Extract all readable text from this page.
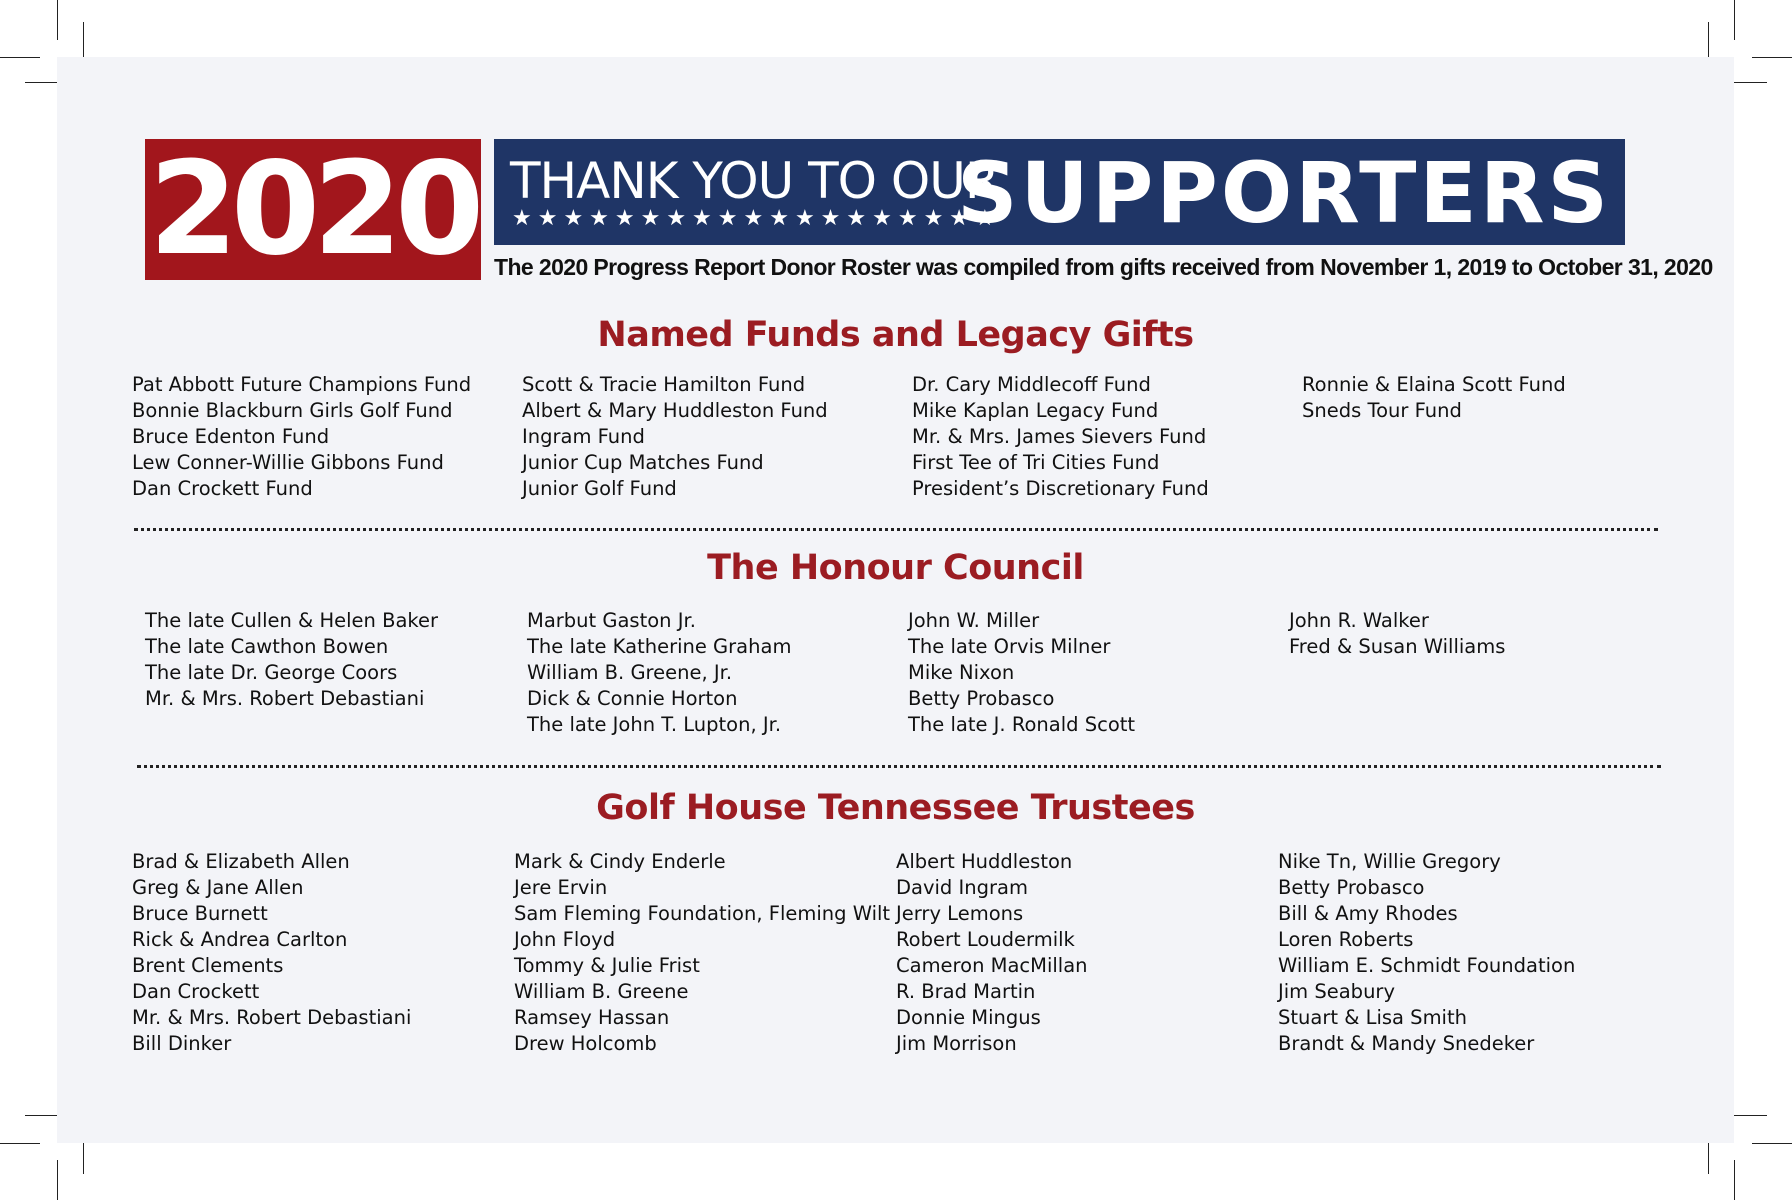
2020 THANK YOU TO OUR
★★★★★★★★★★★★★★★★★★★
SUPPORTERS
The 2020 Progress Report Donor Roster was compiled from gifts received from November 1, 2019 to October 31, 2020
Named Funds and Legacy Gifts
Pat Abbott Future Champions Fund
Bonnie Blackburn Girls Golf Fund
Bruce Edenton Fund
Lew Conner-Willie Gibbons Fund
Dan Crockett Fund
Scott & Tracie Hamilton Fund
Albert & Mary Huddleston Fund
Ingram Fund
Junior Cup Matches Fund
Junior Golf Fund
Dr. Cary Middlecoff Fund
Mike Kaplan Legacy Fund
Mr. & Mrs. James Sievers Fund
First Tee of Tri Cities Fund
President’s Discretionary Fund
Ronnie & Elaina Scott Fund
Sneds Tour Fund
The Honour Council
The late Cullen & Helen Baker
The late Cawthon Bowen
The late Dr. George Coors
Mr. & Mrs. Robert Debastiani
Marbut Gaston Jr.
The late Katherine Graham
William B. Greene, Jr.
Dick & Connie Horton
The late John T. Lupton, Jr.
John W. Miller
The late Orvis Milner
Mike Nixon
Betty Probasco
The late J. Ronald Scott
John R. Walker
Fred & Susan Williams
Golf House Tennessee Trustees
Brad & Elizabeth Allen
Greg & Jane Allen
Bruce Burnett
Rick & Andrea Carlton
Brent Clements
Dan Crockett
Mr. & Mrs. Robert Debastiani
Bill Dinker
Mark & Cindy Enderle
Jere Ervin
Sam Fleming Foundation, Fleming Wilt
John Floyd
Tommy & Julie Frist
William B. Greene
Ramsey Hassan
Drew Holcomb
Albert Huddleston
David Ingram
Jerry Lemons
Robert Loudermilk
Cameron MacMillan
R. Brad Martin
Donnie Mingus
Jim Morrison
Nike Tn, Willie Gregory
Betty Probasco
Bill & Amy Rhodes
Loren Roberts
William E. Schmidt Foundation
Jim Seabury
Stuart & Lisa Smith
Brandt & Mandy Snedeker
